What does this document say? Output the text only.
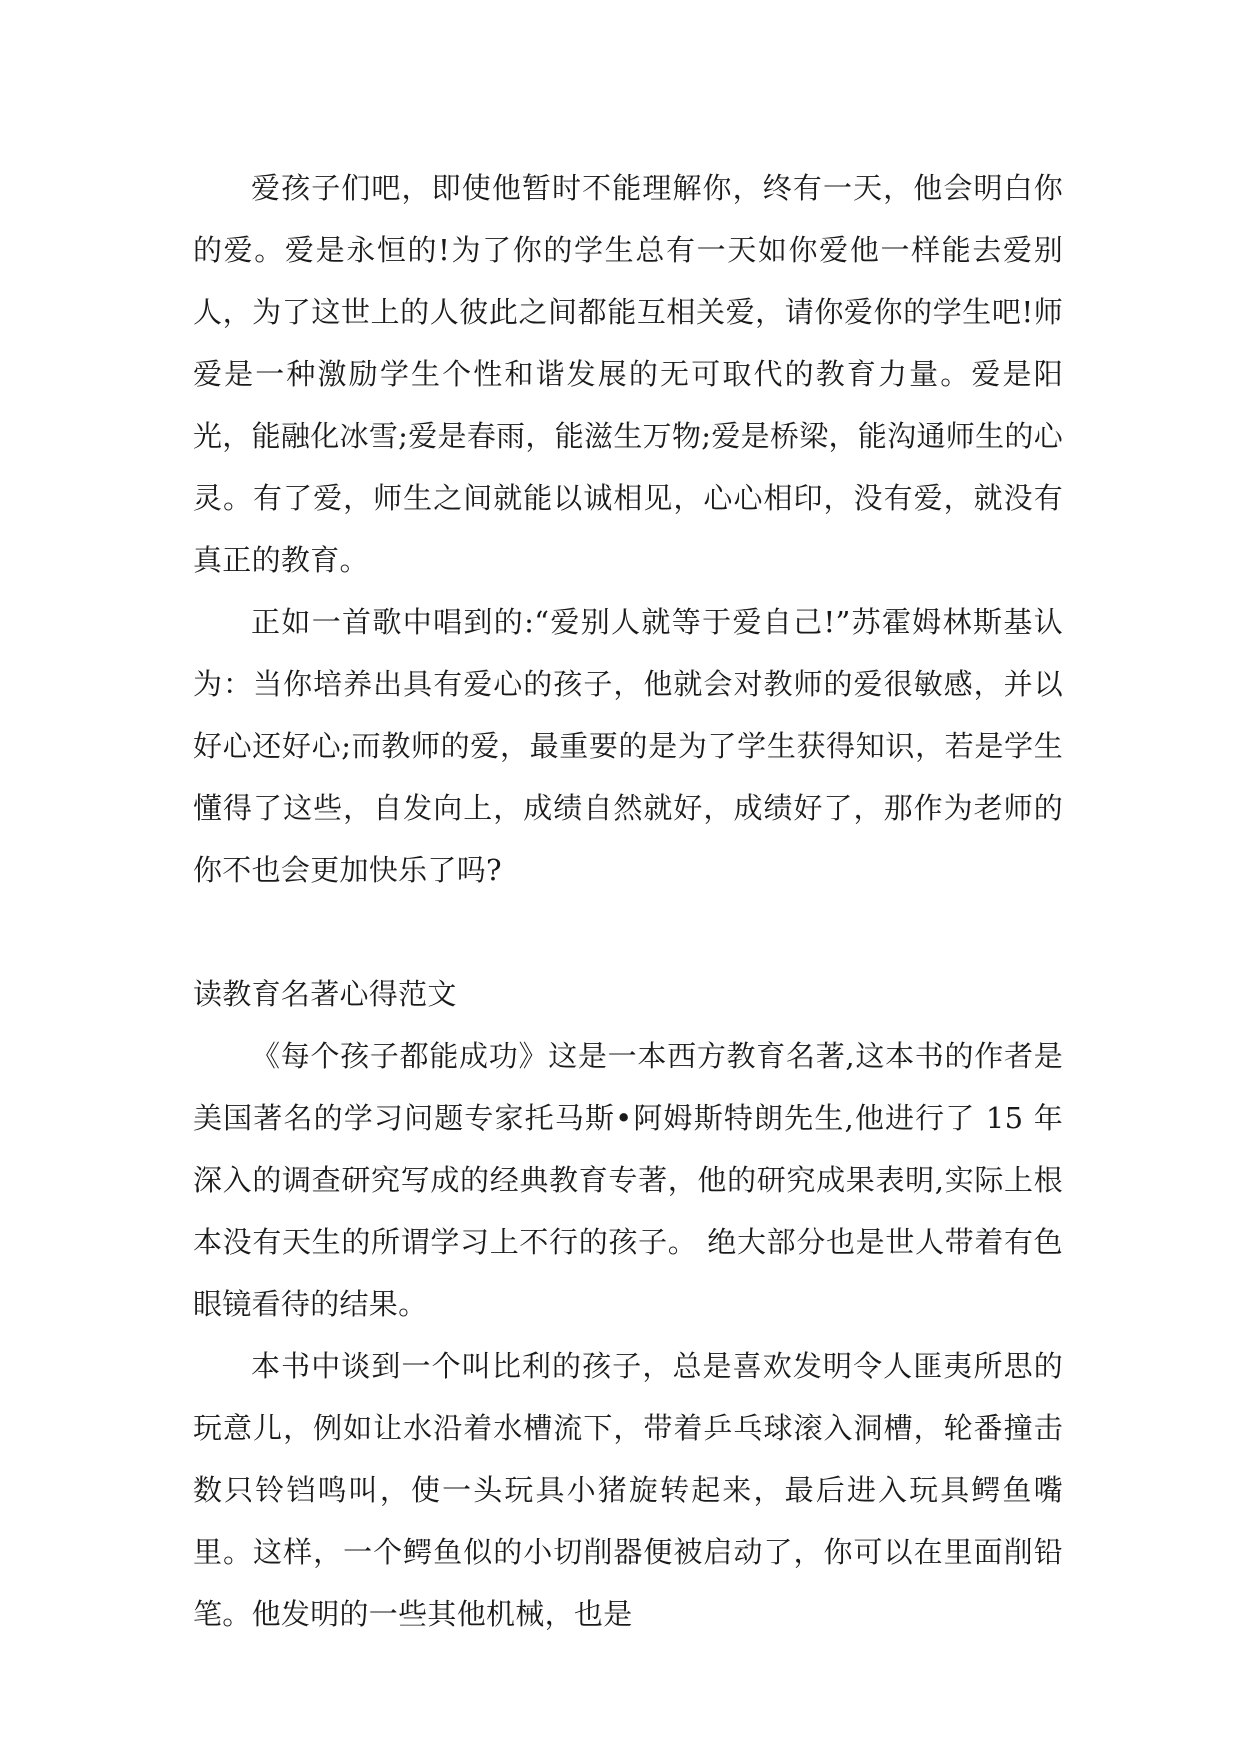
爱孩子们吧，即使他暂时不能理解你，终有一天，他会明白你的爱。爱是永恒的!为了你的学生总有一天如你爱他一样能去爱别人，为了这世上的人彼此之间都能互相关爱，请你爱你的学生吧!师爱是一种激励学生个性和谐发展的无可取代的教育力量。爱是阳光，能融化冰雪;爱是春雨，能滋生万物;爱是桥梁，能沟通师生的心灵。有了爱，师生之间就能以诚相见，心心相印，没有爱，就没有真正的教育。

正如一首歌中唱到的:“爱别人就等于爱自己!”苏霍姆林斯基认为：当你培养出具有爱心的孩子，他就会对教师的爱很敏感，并以好心还好心;而教师的爱，最重要的是为了学生获得知识，若是学生懂得了这些，自发向上，成绩自然就好，成绩好了，那作为老师的你不也会更加快乐了吗?

读教育名著心得范文

《每个孩子都能成功》这是一本西方教育名著,这本书的作者是美国著名的学习问题专家托马斯•阿姆斯特朗先生,他进行了 15 年深入的调查研究写成的经典教育专著，他的研究成果表明,实际上根本没有天生的所谓学习上不行的孩子。 绝大部分也是世人带着有色眼镜看待的结果。

本书中谈到一个叫比利的孩子，总是喜欢发明令人匪夷所思的玩意儿，例如让水沿着水槽流下，带着乒乓球滚入洞槽，轮番撞击数只铃铛鸣叫，使一头玩具小猪旋转起来，最后进入玩具鳄鱼嘴里。这样，一个鳄鱼似的小切削器便被启动了，你可以在里面削铅笔。他发明的一些其他机械，也是
